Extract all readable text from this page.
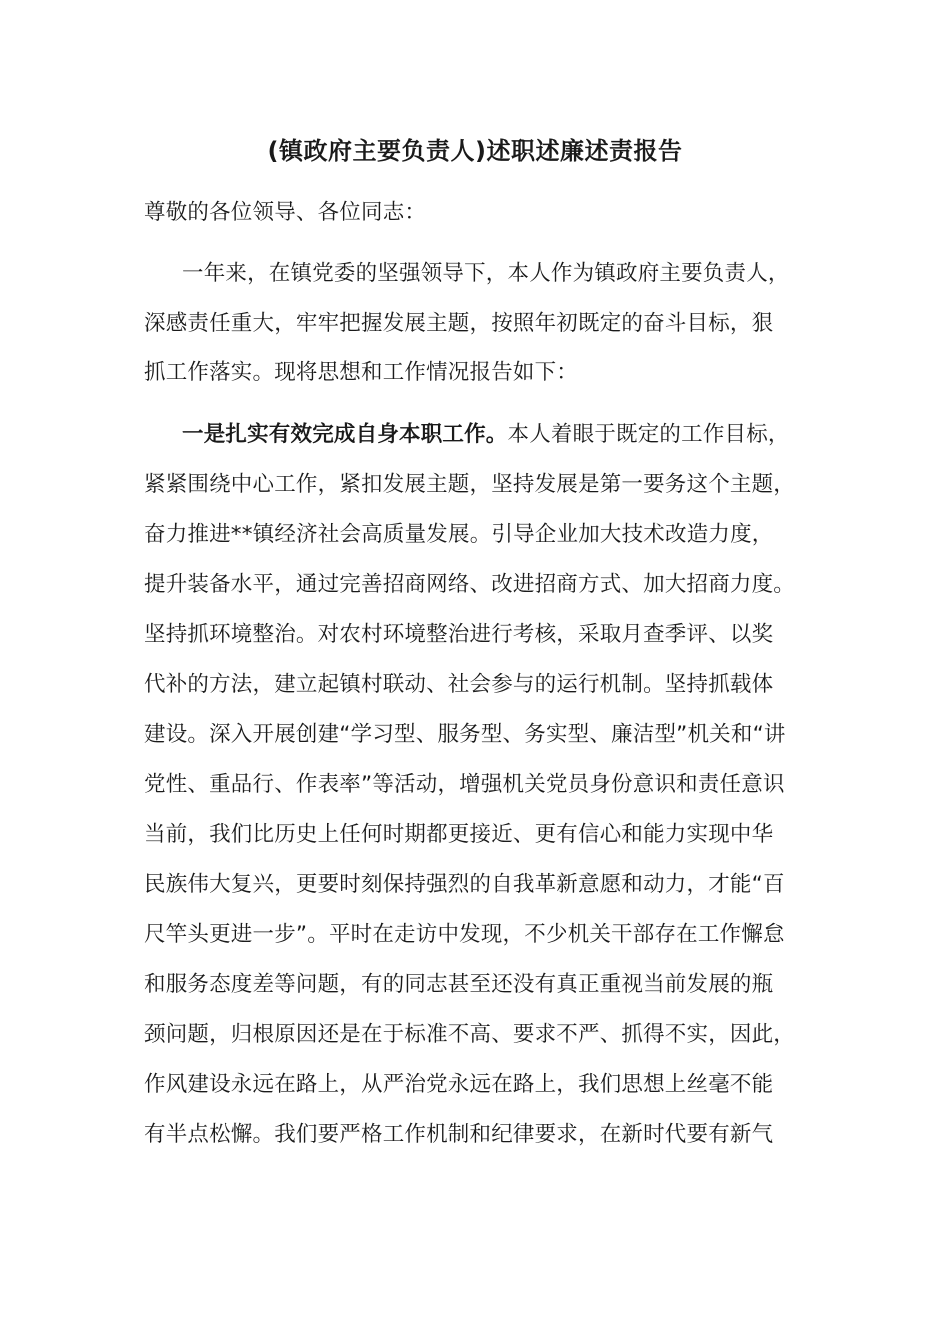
(镇政府主要负责人)述职述廉述责报告
尊敬的各位领导、各位同志：
一年来，在镇党委的坚强领导下，本人作为镇政府主要负责人，
深感责任重大，牢牢把握发展主题，按照年初既定的奋斗目标，狠
抓工作落实。现将思想和工作情况报告如下：
一是扎实有效完成自身本职工作。本人着眼于既定的工作目标，
紧紧围绕中心工作，紧扣发展主题，坚持发展是第一要务这个主题，
奋力推进**镇经济社会高质量发展。引导企业加大技术改造力度，
提升装备水平，通过完善招商网络、改进招商方式、加大招商力度。
坚持抓环境整治。对农村环境整治进行考核，采取月查季评、以奖
代补的方法，建立起镇村联动、社会参与的运行机制。坚持抓载体
建设。深入开展创建“学习型、服务型、务实型、廉洁型”机关和“讲
党性、重品行、作表率”等活动，增强机关党员身份意识和责任意识
当前，我们比历史上任何时期都更接近、更有信心和能力实现中华
民族伟大复兴，更要时刻保持强烈的自我革新意愿和动力，才能“百
尺竿头更进一步”。平时在走访中发现，不少机关干部存在工作懈怠
和服务态度差等问题，有的同志甚至还没有真正重视当前发展的瓶
颈问题，归根原因还是在于标准不高、要求不严、抓得不实，因此，
作风建设永远在路上，从严治党永远在路上，我们思想上丝毫不能
有半点松懈。我们要严格工作机制和纪律要求，在新时代要有新气
